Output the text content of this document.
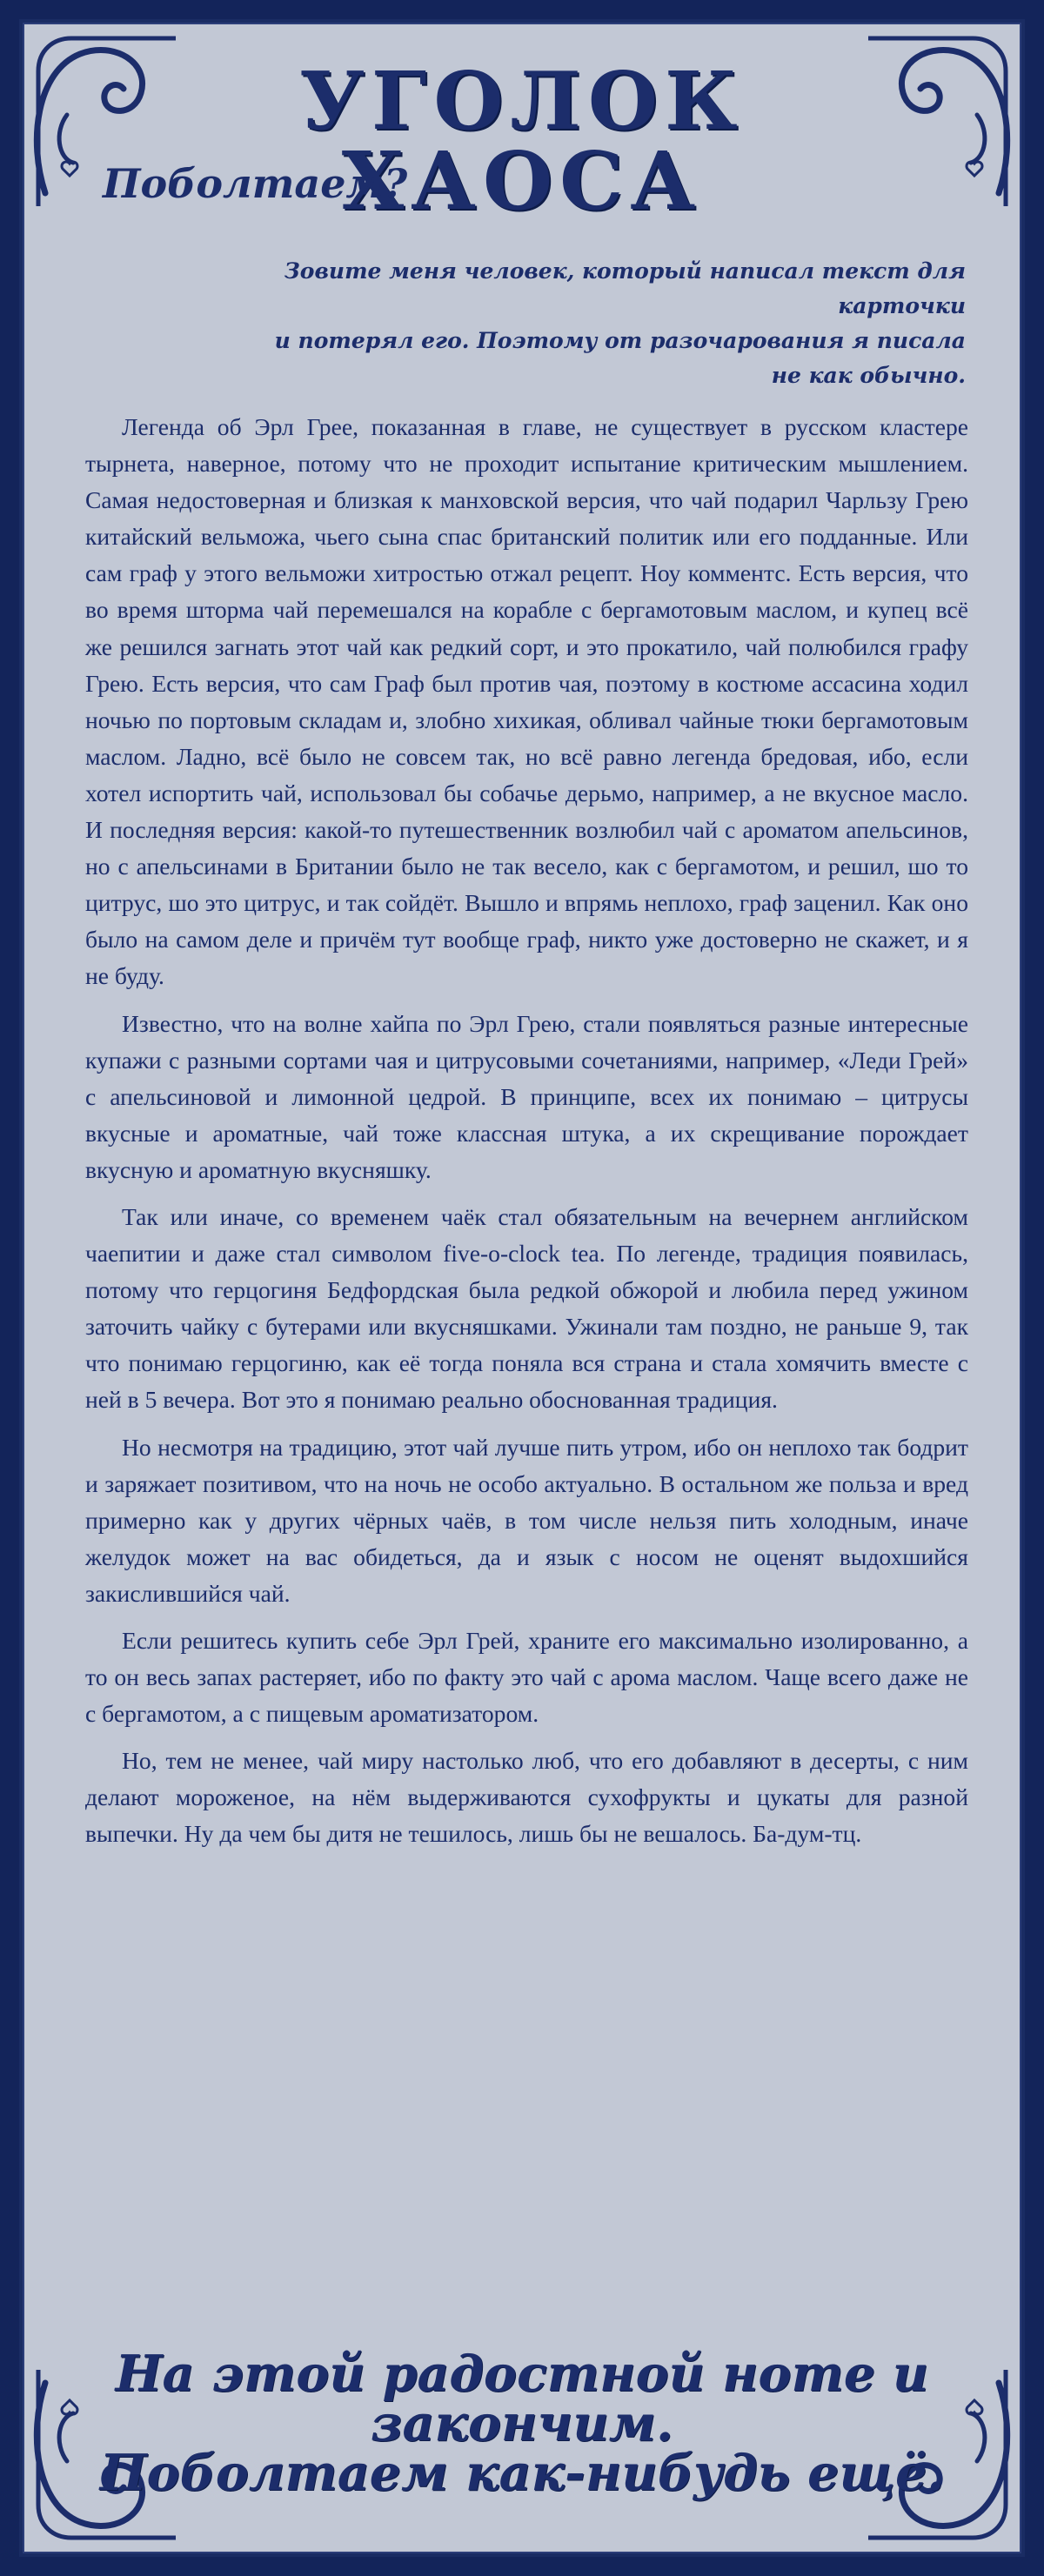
УГОЛОК ХАОСА
Поболтаем?
Зовите меня человек, который написал текст для карточки
и потерял его. Поэтому от разочарования я писала
не как обычно.

Легенда об Эрл Грее, показанная в главе, не существует в русском кластере тырнета, наверное, потому что не проходит испытание критическим мышлением. Самая недостоверная и близкая к манховской версия, что чай подарил Чарльзу Грею китайский вельможа, чьего сына спас британский политик или его подданные. Или сам граф у этого вельможи хитростью отжал рецепт. Ноу комментс. Есть версия, что во время шторма чай перемешался на корабле с бергамотовым маслом, и купец всё же решился загнать этот чай как редкий сорт, и это прокатило, чай полюбился графу Грею. Есть версия, что сам Граф был против чая, поэтому в костюме ассасина ходил ночью по портовым складам и, злобно хихикая, обливал чайные тюки бергамотовым маслом. Ладно, всё было не совсем так, но всё равно легенда бредовая, ибо, если хотел испортить чай, использовал бы собачье дерьмо, например, а не вкусное масло. И последняя версия: какой-то путешественник возлюбил чай с ароматом апельсинов, но с апельсинами в Британии было не так весело, как с бергамотом, и решил, шо то цитрус, шо это цитрус, и так сойдёт. Вышло и впрямь неплохо, граф заценил. Как оно было на самом деле и причём тут вообще граф, никто уже достоверно не скажет, и я не буду.

Известно, что на волне хайпа по Эрл Грею, стали появляться разные интересные купажи с разными сортами чая и цитрусовыми сочетаниями, например, «Леди Грей» с апельсиновой и лимонной цедрой. В принципе, всех их понимаю – цитрусы вкусные и ароматные, чай тоже классная штука, а их скрещивание порождает вкусную и ароматную вкусняшку.

Так или иначе, со временем чаёк стал обязательным на вечернем английском чаепитии и даже стал символом five-o-clock tea. По легенде, традиция появилась, потому что герцогиня Бедфордская была редкой обжорой и любила перед ужином заточить чайку с бутерами или вкусняшками. Ужинали там поздно, не раньше 9, так что понимаю герцогиню, как её тогда поняла вся страна и стала хомячить вместе с ней в 5 вечера. Вот это я понимаю реально обоснованная традиция.

Но несмотря на традицию, этот чай лучше пить утром, ибо он неплохо так бодрит и заряжает позитивом, что на ночь не особо актуально. В остальном же польза и вред примерно как у других чёрных чаёв, в том числе нельзя пить холодным, иначе желудок может на вас обидеться, да и язык с носом не оценят выдохшийся закислившийся чай.

Если решитесь купить себе Эрл Грей, храните его максимально изолированно, а то он весь запах растеряет, ибо по факту это чай с арома маслом. Чаще всего даже не с бергамотом, а с пищевым ароматизатором.

Но, тем не менее, чай миру настолько люб, что его добавляют в десерты, с ним делают мороженое, на нём выдерживаются сухофрукты и цукаты для разной выпечки. Ну да чем бы дитя не тешилось, лишь бы не вешалось. Ба-дум-тц.

На этой радостной ноте и закончим.
Поболтаем как-нибудь ещё.
